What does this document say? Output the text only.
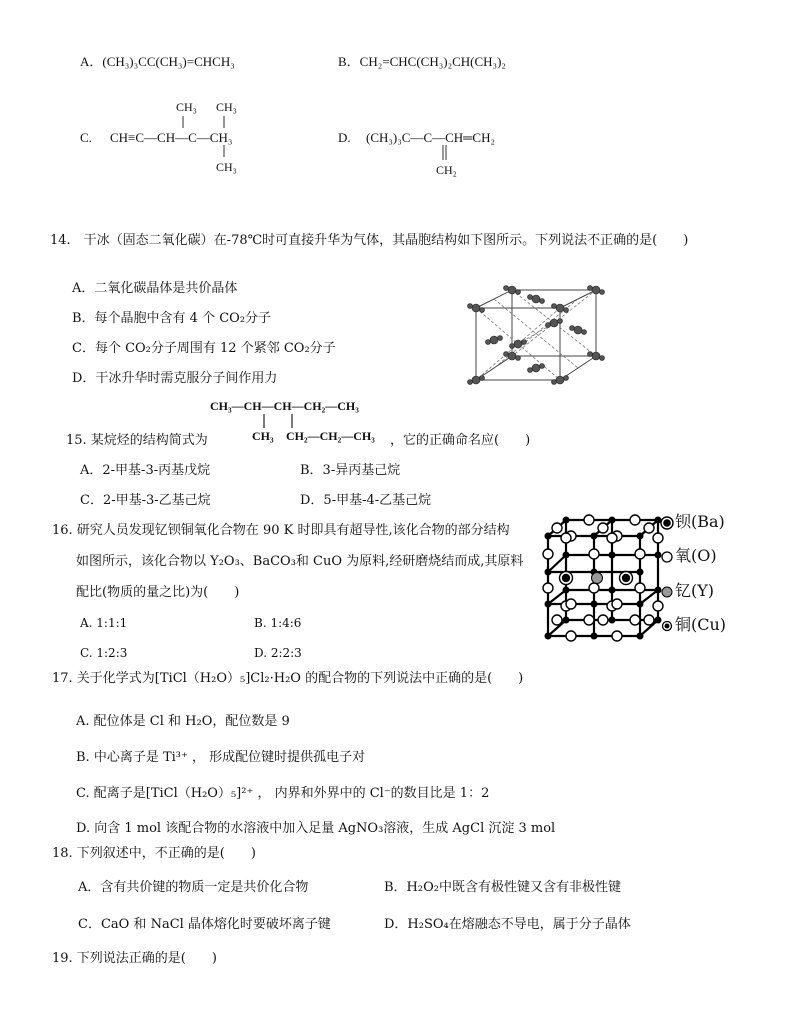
A．(CH₃)₃CC(CH₃)=CHCH₃	B．CH₂=CHC(CH₃)₂CH(CH₃)₂
C.
CH₃ CH₃
CH≡C—CH—C—CH₃
CH₃
D. (CH₃)₃C—C—CH═CH₂
CH₂
14.　干冰（固态二氧化碳）在-78℃时可直接升华为气体，其晶胞结构如下图所示。下列说法不正确的是(　　)
A．二氧化碳晶体是共价晶体
B．每个晶胞中含有 4 个 CO₂分子
C．每个 CO₂分子周围有 12 个紧邻 CO₂分子
D．干冰升华时需克服分子间作用力
CH₃—CH—CH—CH₂—CH₃
CH₃ CH₂—CH₂—CH₃
15. 某烷烃的结构简式为	，它的正确命名应(　　)
A．2-甲基-3-丙基戊烷	B．3-异丙基己烷
C．2-甲基-3-乙基己烷	D．5-甲基-4-乙基己烷
16. 研究人员发现钇钡铜氧化合物在 90 K 时即具有超导性,该化合物的部分结构
如图所示，该化合物以 Y₂O₃、BaCO₃和 CuO 为原料,经研磨烧结而成,其原料
配比(物质的量之比)为(　　)
A. 1:1:1	B. 1:4:6
C. 1:2:3	D. 2:2:3
钡(Ba)
氧(O)
钇(Y)
铜(Cu)
17. 关于化学式为[TiCl（H₂O）₅]Cl₂·H₂O 的配合物的下列说法中正确的是(　　)
A. 配位体是 Cl 和 H₂O，配位数是 9
B. 中心离子是 Ti³⁺ ， 形成配位键时提供孤电子对
C. 配离子是[TiCl（H₂O）₅]²⁺ ， 内界和外界中的 Cl⁻的数目比是 1：2
D. 向含 1 mol 该配合物的水溶液中加入足量 AgNO₃溶液，生成 AgCl 沉淀 3 mol
18. 下列叙述中，不正确的是(　　)
A．含有共价键的物质一定是共价化合物	B．H₂O₂中既含有极性键又含有非极性键
C．CaO 和 NaCl 晶体熔化时要破坏离子键	D．H₂SO₄在熔融态不导电，属于分子晶体
19. 下列说法正确的是(　　)
